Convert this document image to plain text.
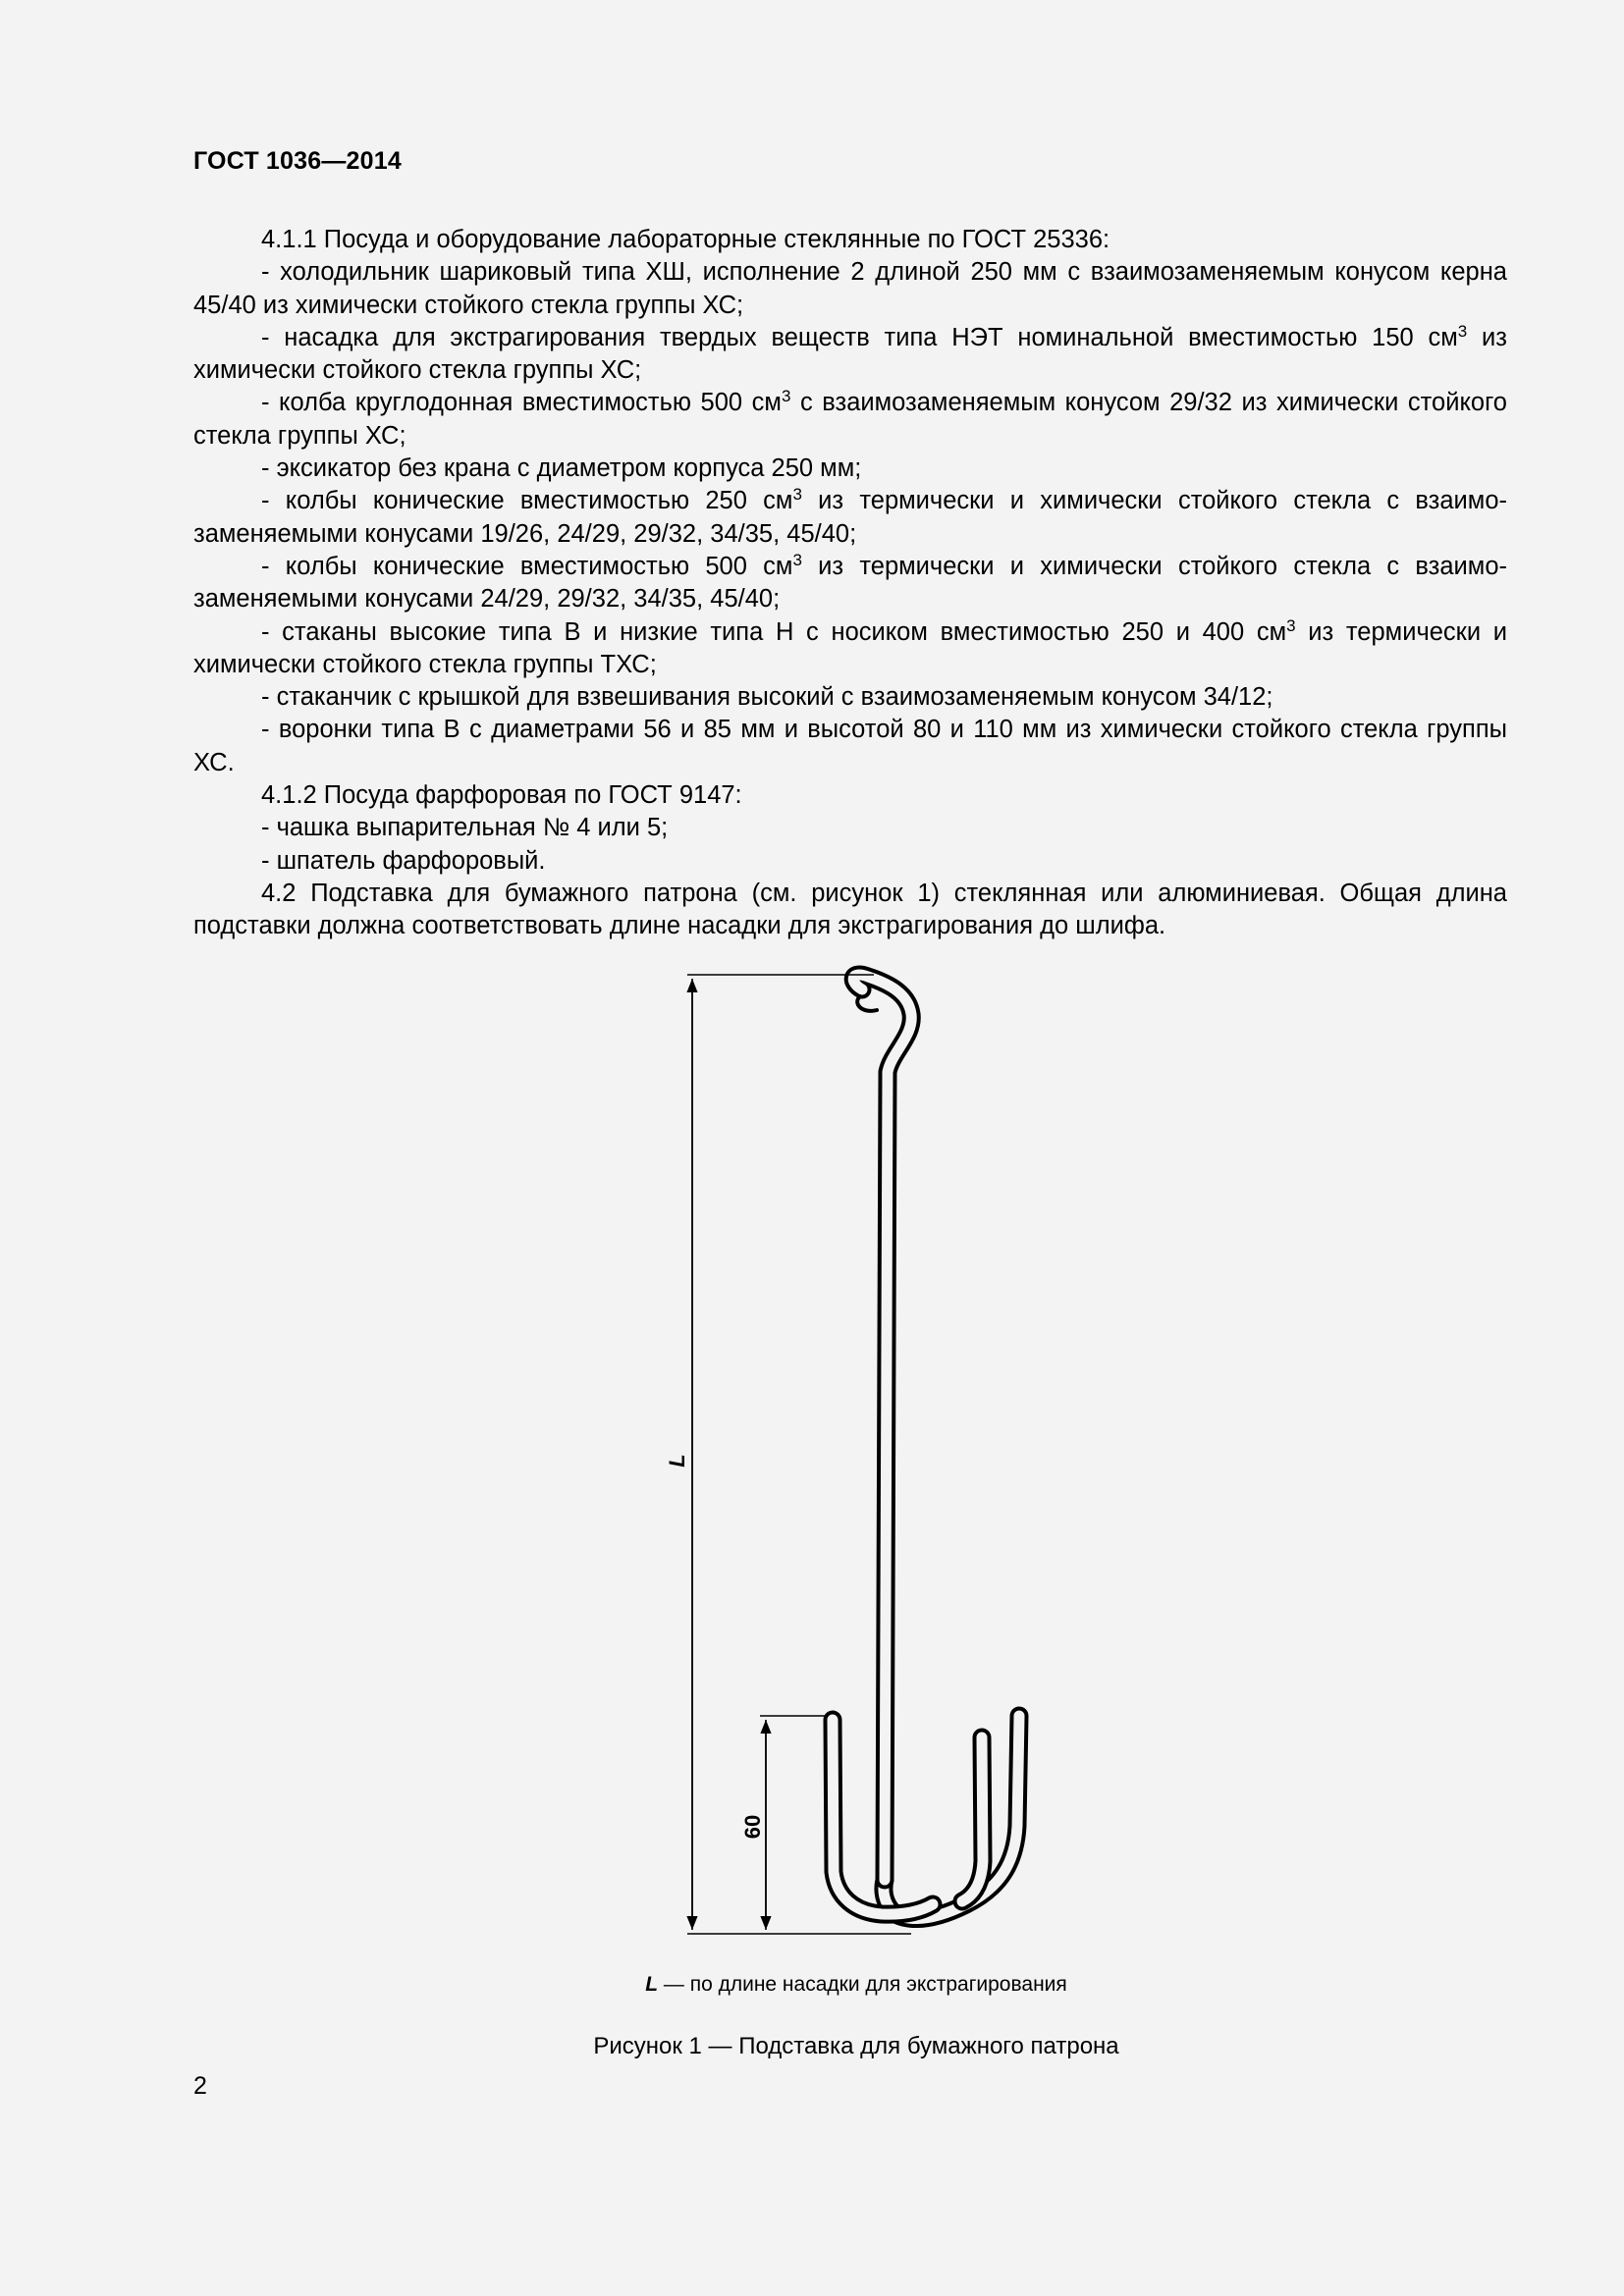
ГОСТ 1036—2014

4.1.1 Посуда и оборудование лабораторные стеклянные по ГОСТ 25336:

- холодильник шариковый типа ХШ, исполнение 2 длиной 250 мм с взаимозаменяемым конусом керна 45/40 из химически стойкого стекла группы ХС;

- насадка для экстрагирования твердых веществ типа НЭТ номинальной вместимостью 150 $см^3$ из химически стойкого стекла группы ХС;

- колба круглодонная вместимостью 500 $см^3$ с взаимозаменяемым конусом 29/32 из химически стойкого стекла группы ХС;

- эксикатор без крана с диаметром корпуса 250 мм;

- колбы конические вместимостью 250 $см^3$ из термически и химически стойкого стекла с взаимо-заменяемыми конусами 19/26, 24/29, 29/32, 34/35, 45/40;

- колбы конические вместимостью 500 $см^3$ из термически и химически стойкого стекла с взаимо-заменяемыми конусами 24/29, 29/32, 34/35, 45/40;

- стаканы высокие типа В и низкие типа Н с носиком вместимостью 250 и 400 $см^3$ из термически и химически стойкого стекла группы ТХС;

- стаканчик с крышкой для взвешивания высокий с взаимозаменяемым конусом 34/12;

- воронки типа В с диаметрами 56 и 85 мм и высотой 80 и 110 мм из химически стойкого стекла группы ХС.

4.1.2 Посуда фарфоровая по ГОСТ 9147:

- чашка выпарительная № 4 или 5;

- шпатель фарфоровый.

4.2 Подставка для бумажного патрона (см. рисунок 1) стеклянная или алюминиевая. Общая длина подставки должна соответствовать длине насадки для экстрагирования до шлифа.

L
60
L — по длине насадки для экстрагирования
Рисунок 1 — Подставка для бумажного патрона
2
